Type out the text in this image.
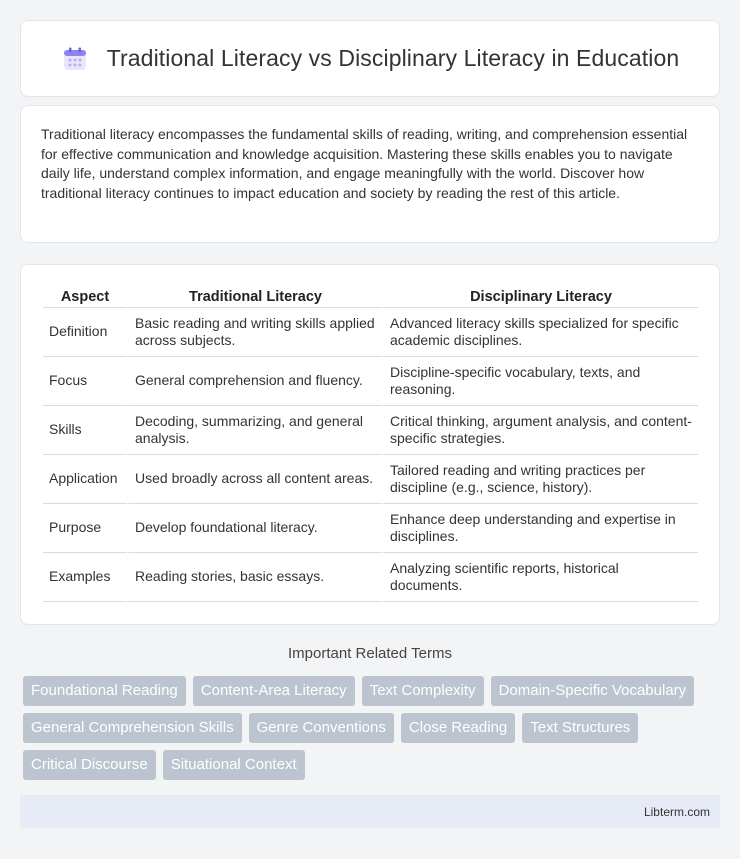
Traditional Literacy vs Disciplinary Literacy in Education

Traditional literacy encompasses the fundamental skills of reading, writing, and comprehension essential for effective communication and knowledge acquisition. Mastering these skills enables you to navigate daily life, understand complex information, and engage meaningfully with the world. Discover how traditional literacy continues to impact education and society by reading the rest of this article.

Aspect	Traditional Literacy	Disciplinary Literacy
Definition	Basic reading and writing skills applied across subjects.	Advanced literacy skills specialized for specific academic disciplines.
Focus	General comprehension and fluency.	Discipline-specific vocabulary, texts, and reasoning.
Skills	Decoding, summarizing, and general analysis.	Critical thinking, argument analysis, and content-specific strategies.
Application	Used broadly across all content areas.	Tailored reading and writing practices per discipline (e.g., science, history).
Purpose	Develop foundational literacy.	Enhance deep understanding and expertise in disciplines.
Examples	Reading stories, basic essays.	Analyzing scientific reports, historical documents.
Important Related Terms
Foundational Reading	Content-Area Literacy	Text Complexity	Domain-Specific Vocabulary
General Comprehension Skills	Genre Conventions	Close Reading	Text Structures
Critical Discourse	Situational Context
Libterm.com
